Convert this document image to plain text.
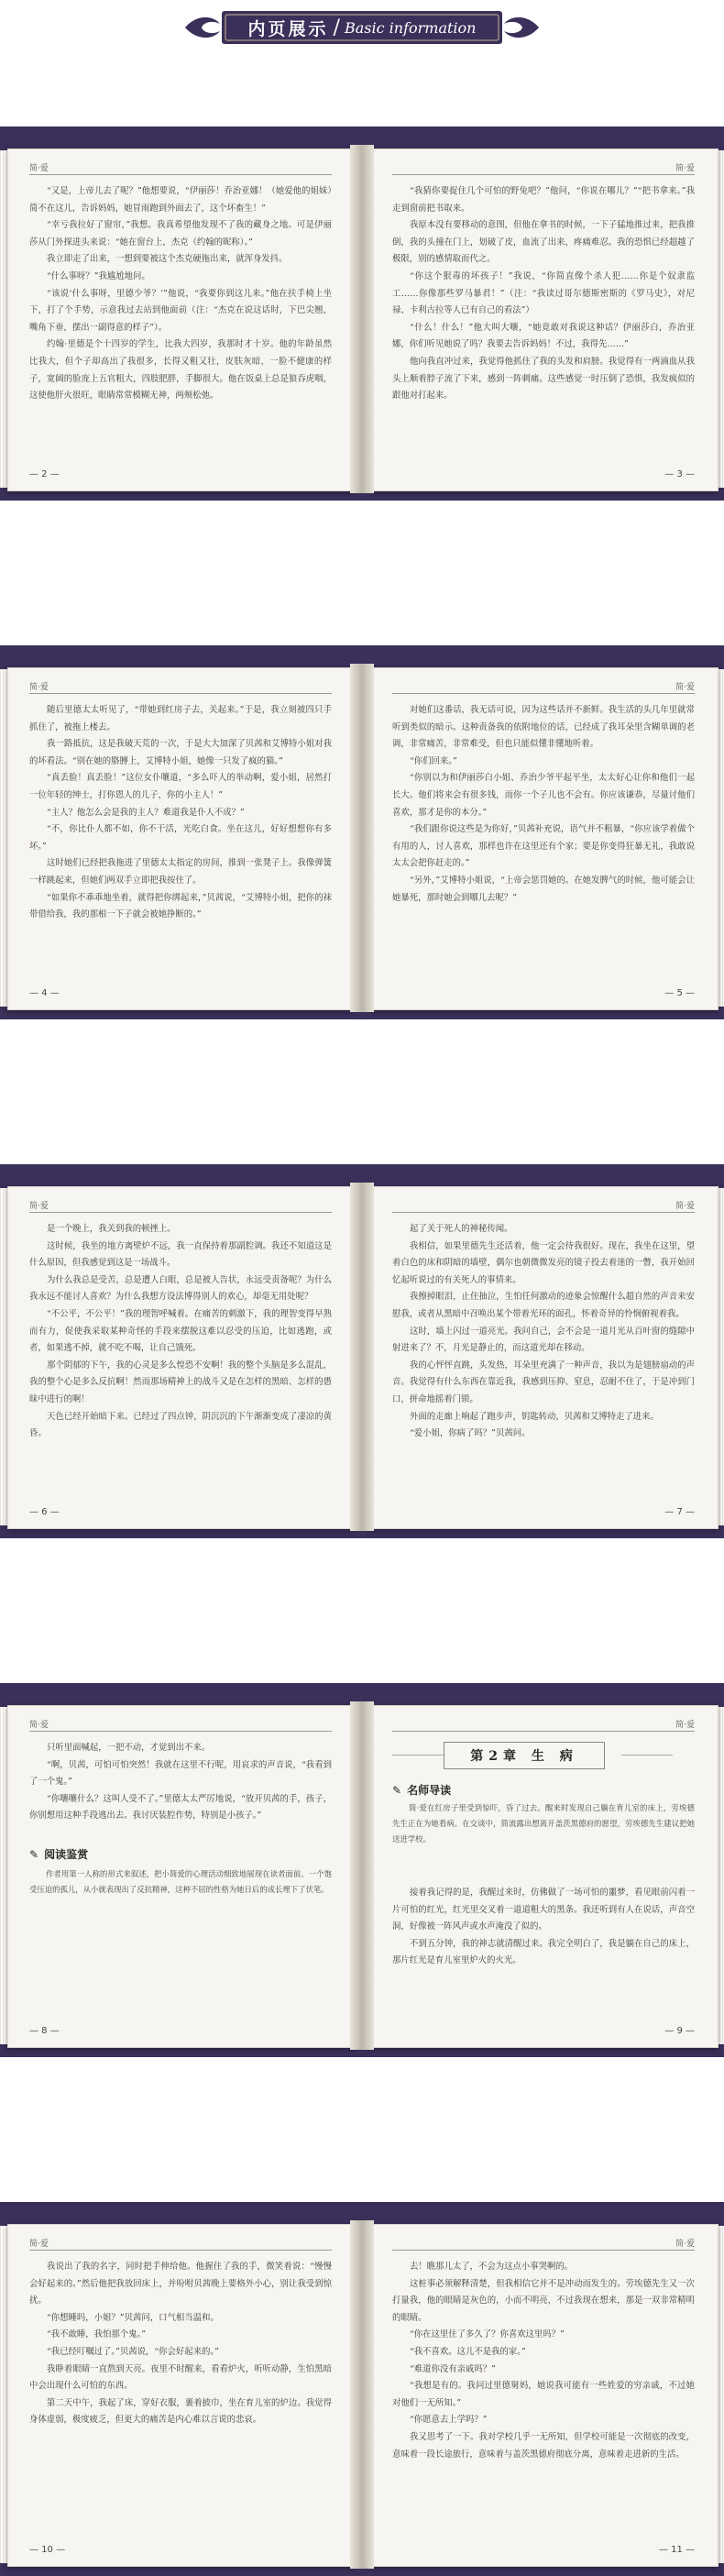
内页展示 / Basic information
简·爱

“又是，上帝儿去了呢？”他想要说，“伊丽莎！乔治亚娜！（她爱他的姐妹）简不在这儿，告诉妈妈，她冒雨跑到外面去了，这个坏畜生！”

“幸亏我拉好了窗帘，”我想。我真希望他发现不了我的藏身之地。可是伊丽莎从门外探进头来说：“她在窗台上，杰克（约翰的昵称）。”

我立即走了出来，一想到要被这个杰克硬拖出来，就浑身发抖。

“什么事呀？”我尴尬地问。

“该说‘什么事呀，里德少爷？’”他说，“我要你到这儿来。”他在扶手椅上坐下，打了个手势，示意我过去站到他面前（注：“杰克在说这话时，下巴尖翘，嘴角下垂，摆出一副得意的样子”）。

约翰·里德是个十四岁的学生，比我大四岁，我那时才十岁。他的年龄虽然比我大，但个子却高出了我很多，长得又粗又壮，皮肤灰暗，一脸不健康的样子，宽阔的脸庞上五官粗大，四肢肥胖，手脚很大。他在饭桌上总是狼吞虎咽，这使他肝火很旺，眼睛常常模糊无神，两颊松弛。

— 2 —
简·爱

“我猜你要捉住几个可怕的野兔吧？”他问，“你说在哪儿？”“把书拿来。”我走到窗前把书取来。

我原本没有要移动的意图，但他在拿书的时候，一下子猛地推过来，把我推倒，我的头撞在门上，划破了皮，血流了出来，疼痛难忍。我的恐惧已经超越了极限，别的感情取而代之。

“你这个狠毒的坏孩子！”我说，“你简直像个杀人犯……你是个奴隶监工……你像那些罗马暴君！”（注：“我读过哥尔德斯密斯的《罗马史》，对尼禄、卡利古拉等人已有自己的看法”）

“什么！什么！”他大叫大嚷，“她竟敢对我说这种话？伊丽莎白，乔治亚娜，你们听见她说了吗？我要去告诉妈妈！不过，我得先……”

他向我直冲过来，我觉得他抓住了我的头发和肩膀。我觉得有一两滴血从我头上顺着脖子流了下来，感到一阵刺痛。这些感觉一时压倒了恐惧，我发疯似的跟他对打起来。

— 3 —
简·爱

随后里德太太听见了，“带她到红房子去，关起来。”于是，我立刻被四只手抓住了，被拖上楼去。

我一路抵抗，这是我破天荒的一次，于是大大加深了贝茜和艾博特小姐对我的坏看法。“别在她的胳膊上，艾博特小姐，她像一只发了疯的猫。”

“真丢脸！真丢脸！”这位女仆嚷道，“多么吓人的举动啊，爱小姐，居然打一位年轻的绅士，打你恩人的儿子，你的小主人！”

“主人？他怎么会是我的主人？难道我是仆人不成？”

“不，你比仆人都不如，你不干活，光吃白食。坐在这儿，好好想想你有多坏。”

这时她们已经把我拖进了里德太太指定的房间，推到一张凳子上。我像弹簧一样跳起来，但她们两双手立即把我按住了。

“如果你不乖乖地坐着，就得把你绑起来，”贝茜说，“艾博特小姐，把你的袜带借给我，我的那根一下子就会被她挣断的。”

— 4 —
简·爱

对她们这番话，我无话可说，因为这些话并不新鲜。我生活的头几年里就常听到类似的暗示。这种责备我的依附地位的话，已经成了我耳朵里含糊单调的老调，非常痛苦，非常难受，但也只能似懂非懂地听着。

“你们回来。”

“你别以为和伊丽莎白小姐、乔治少爷平起平坐，太太好心让你和他们一起长大。他们将来会有很多钱，而你一个子儿也不会有。你应该谦恭，尽量讨他们喜欢，那才是你的本分。”

“我们跟你说这些是为你好，”贝茜补充说，语气并不粗暴，“你应该学着做个有用的人，讨人喜欢，那样也许在这里还有个家；要是你变得狂暴无礼，我敢说太太会把你赶走的。”

“另外，”艾博特小姐说，“上帝会惩罚她的。在她发脾气的时候，他可能会让她暴死，那时她会到哪儿去呢？”

— 5 —
简·爱

是一个晚上，我关到我的顿挫上。

这时候，我坐的地方离壁炉不远，我一直保持着那副腔调。我还不知道这是什么原因，但我感觉到这是一场战斗。

为什么我总是受苦，总是遭人白眼，总是被人告状，永远受责备呢？为什么我永远不能讨人喜欢？为什么我想方设法博得别人的欢心，却毫无用处呢？

“不公平，不公平！”我的理智呼喊着。在痛苦的刺激下，我的理智变得早熟而有力，促使我采取某种奇怪的手段来摆脱这难以忍受的压迫，比如逃跑，或者，如果逃不掉，就不吃不喝，让自己饿死。

那个阴郁的下午，我的心灵是多么惶恐不安啊！我的整个头脑是多么混乱，我的整个心是多么反抗啊！然而那场精神上的战斗又是在怎样的黑暗、怎样的愚昧中进行的啊！

天色已经开始暗下来。已经过了四点钟，阴沉沉的下午渐渐变成了凄凉的黄昏。

— 6 —
简·爱

起了关于死人的神秘传闻。

我相信，如果里德先生还活着，他一定会待我很好。现在，我坐在这里，望着白色的床和阴暗的墙壁，偶尔也朝微微发亮的镜子投去着迷的一瞥，我开始回忆起听说过的有关死人的事情来。

我擦掉眼泪，止住抽泣，生怕任何激动的迹象会惊醒什么超自然的声音来安慰我，或者从黑暗中召唤出某个带着光环的面孔，怀着奇异的怜悯俯视着我。

这时，墙上闪过一道亮光。我问自己，会不会是一道月光从百叶窗的缝隙中射进来了？不，月光是静止的，而这道光却在移动。

我的心怦怦直跳，头发热，耳朵里充满了一种声音，我以为是翅膀扇动的声音。我觉得有什么东西在靠近我，我感到压抑、窒息，忍耐不住了，于是冲到门口，拼命地摇着门锁。

外面的走廊上响起了跑步声，钥匙转动，贝茜和艾博特走了进来。

“爱小姐，你病了吗？”贝茜问。

— 7 —
简·爱

只听里面喊起，一把不动，才觉到出不来。

“啊，贝茜，可怕可怕突然！我就在这里不行呢，用哀求的声音说，“我看到了一个鬼。”

“你嚷嚷什么？这叫人受不了。”里德太太严厉地说，“放开贝茜的手，孩子，你别想用这种手段逃出去。我讨厌装腔作势，特别是小孩子。”

✎ 阅读鉴赏
作者用第一人称的形式来叙述，把小简爱的心理活动细致地展现在读者面前。一个饱受压迫的孤儿，从小就表现出了反抗精神，这种不屈的性格为她日后的成长埋下了伏笔。
— 8 —
简·爱
第2章 生 病

接着我记得的是，我醒过来时，仿佛做了一场可怕的噩梦，看见眼前闪着一片可怕的红光，红光里交叉着一道道粗大的黑条。我还听到有人在说话，声音空洞，好像被一阵风声或水声淹没了似的。

不到五分钟，我的神志就清醒过来。我完全明白了，我是躺在自己的床上，那片红光是育儿室里炉火的火光。

✎ 名师导读
简·爱在红房子里受到惊吓，昏了过去。醒来时发现自己躺在育儿室的床上，劳埃德先生正在为她看病。在交谈中，简流露出想离开盖茨黑德府的愿望，劳埃德先生建议把她送进学校。
— 9 —
简·爱

我说出了我的名字，同时把手伸给他。他握住了我的手，微笑着说：“慢慢会好起来的。”然后他把我放回床上，并吩咐贝茜晚上要格外小心，别让我受到惊扰。

“你想睡吗，小姐？”贝茜问，口气相当温和。

“我不敢睡，我怕那个鬼。”

“我已经叮嘱过了。”贝茜说，“你会好起来的。”

我睁着眼睛一直熬到天亮。夜里不时醒来，看看炉火，听听动静，生怕黑暗中会出现什么可怕的东西。

第二天中午，我起了床，穿好衣服，裹着披巾，坐在育儿室的炉边。我觉得身体虚弱，极度疲乏，但更大的痛苦是内心难以言说的悲哀。

— 10 —
简·爱

去！瞧那儿太了，不会为这点小事哭啊的。

这桩事必须解释清楚，但我相信它并不是冲动而发生的。劳埃德先生又一次打量我，他的眼睛是灰色的，小而不明亮，不过我现在想来，那是一双非常精明的眼睛。

“你在这里住了多久了？你喜欢这里吗？”

“我不喜欢。这儿不是我的家。”

“难道你没有亲戚吗？”

“我想是有的。我问过里德舅妈，她说我可能有一些姓爱的穷亲戚，不过她对他们一无所知。”

“你愿意去上学吗？”

我又思考了一下。我对学校几乎一无所知，但学校可能是一次彻底的改变，意味着一段长途旅行，意味着与盖茨黑德府彻底分离，意味着走进新的生活。

— 11 —
